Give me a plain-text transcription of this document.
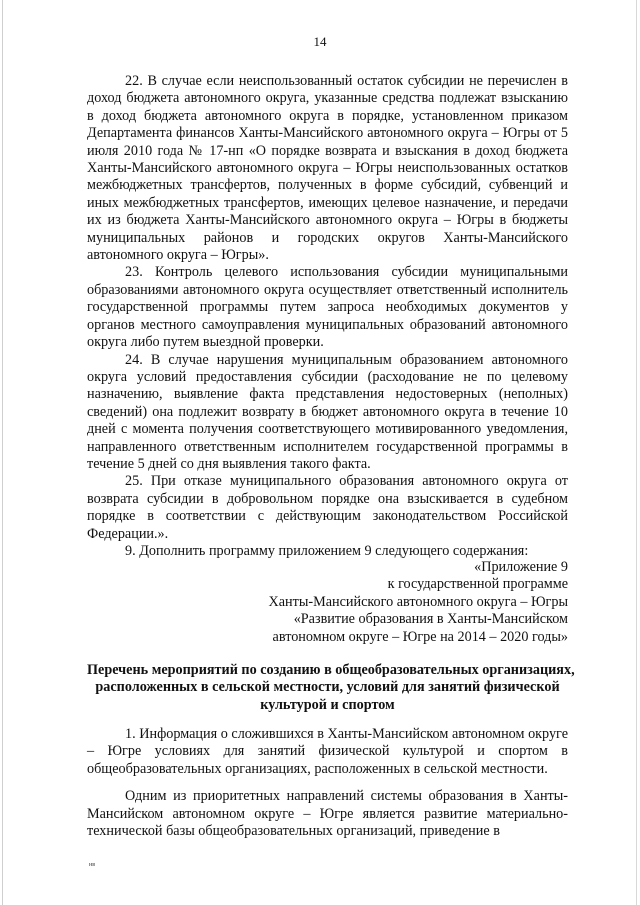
14

22. В случае если неиспользованный остаток субсидии не перечислен в доход бюджета автономного округа, указанные средства подлежат взысканию в доход бюджета автономного округа в порядке, установленном приказом Департамента финансов Ханты-Мансийского автономного округа – Югры от 5 июля 2010 года № 17-нп «О порядке возврата и взыскания в доход бюджета Ханты-Мансийского автономного округа – Югры неиспользованных остатков межбюджетных трансфертов, полученных в форме субсидий, субвенций и иных межбюджетных трансфертов, имеющих целевое назначение, и передачи их из бюджета Ханты-Мансийского автономного округа – Югры в бюджеты муниципальных районов и городских округов Ханты-Мансийского автономного округа – Югры».

23. Контроль целевого использования субсидии муниципальными образованиями автономного округа осуществляет ответственный исполнитель государственной программы путем запроса необходимых документов у органов местного самоуправления муниципальных образований автономного округа либо путем выездной проверки.

24. В случае нарушения муниципальным образованием автономного округа условий предоставления субсидии (расходование не по целевому назначению, выявление факта представления недостоверных (неполных) сведений) она подлежит возврату в бюджет автономного округа в течение 10 дней с момента получения соответствующего мотивированного уведомления, направленного ответственным исполнителем государственной программы в течение 5 дней со дня выявления такого факта.

25. При отказе муниципального образования автономного округа от возврата субсидии в добровольном порядке она взыскивается в судебном порядке в соответствии с действующим законодательством Российской Федерации.».

9. Дополнить программу приложением 9 следующего содержания:

«Приложение 9
к государственной программе
Ханты-Мансийского автономного округа – Югры
«Развитие образования в Ханты-Мансийском
автономном округе – Югре на 2014 – 2020 годы»
Перечень мероприятий по созданию в общеобразовательных организациях,
расположенных в сельской местности, условий для занятий физической
культурой и спортом

1. Информация о сложившихся в Ханты-Мансийском автономном округе – Югре условиях для занятий физической культурой и спортом в общеобразовательных организациях, расположенных в сельской местности.

Одним из приоритетных направлений системы образования в Ханты-Мансийском автономном округе – Югре является развитие материально-технической базы общеобразовательных организаций, приведение в

нв
